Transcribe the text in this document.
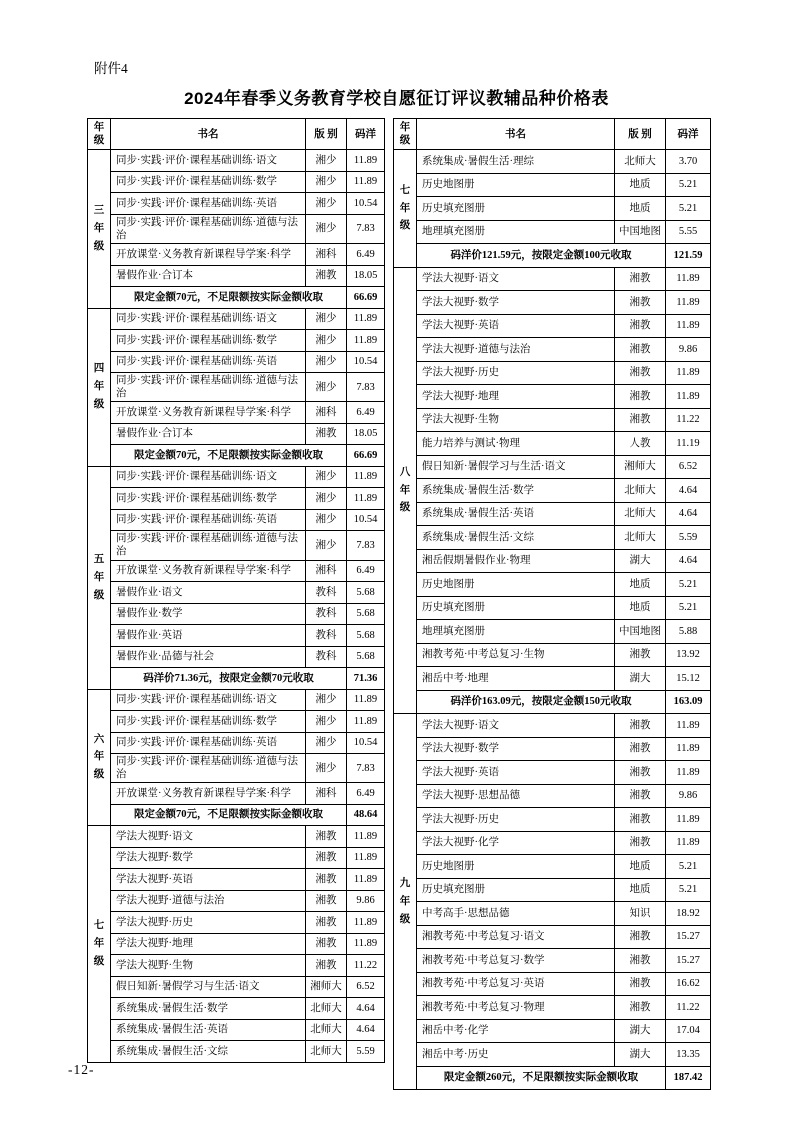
附件4
2024年春季义务教育学校自愿征订评议教辅品种价格表
年级	书名	版 别	码洋
三年级	同步·实践·评价·课程基础训练·语文	湘少	11.89
	同步·实践·评价·课程基础训练·数学	湘少	11.89
	同步·实践·评价·课程基础训练·英语	湘少	10.54
	同步·实践·评价·课程基础训练·道德与法治	湘少	7.83
	开放课堂·义务教育新课程导学案·科学	湘科	6.49
	暑假作业·合订本	湘教	18.05
	限定金额70元，不足限额按实际金额收取		66.69
四年级	同步·实践·评价·课程基础训练·语文	湘少	11.89
	同步·实践·评价·课程基础训练·数学	湘少	11.89
	同步·实践·评价·课程基础训练·英语	湘少	10.54
	同步·实践·评价·课程基础训练·道德与法治	湘少	7.83
	开放课堂·义务教育新课程导学案·科学	湘科	6.49
	暑假作业·合订本	湘教	18.05
	限定金额70元，不足限额按实际金额收取		66.69
五年级	同步·实践·评价·课程基础训练·语文	湘少	11.89
	同步·实践·评价·课程基础训练·数学	湘少	11.89
	同步·实践·评价·课程基础训练·英语	湘少	10.54
	同步·实践·评价·课程基础训练·道德与法治	湘少	7.83
	开放课堂·义务教育新课程导学案·科学	湘科	6.49
	暑假作业·语文	教科	5.68
	暑假作业·数学	教科	5.68
	暑假作业·英语	教科	5.68
	暑假作业·品德与社会	教科	5.68
	码洋价71.36元，按限定金额70元收取		71.36
六年级	同步·实践·评价·课程基础训练·语文	湘少	11.89
	同步·实践·评价·课程基础训练·数学	湘少	11.89
	同步·实践·评价·课程基础训练·英语	湘少	10.54
	同步·实践·评价·课程基础训练·道德与法治	湘少	7.83
	开放课堂·义务教育新课程导学案·科学	湘科	6.49
	限定金额70元，不足限额按实际金额收取		48.64
七年级	学法大视野·语文	湘教	11.89
	学法大视野·数学	湘教	11.89
	学法大视野·英语	湘教	11.89
	学法大视野·道德与法治	湘教	9.86
	学法大视野·历史	湘教	11.89
	学法大视野·地理	湘教	11.89
	学法大视野·生物	湘教	11.22
	假日知新·暑假学习与生活·语文	湘师大	6.52
	系统集成·暑假生活·数学	北师大	4.64
	系统集成·暑假生活·英语	北师大	4.64
	系统集成·暑假生活·文综	北师大	5.59
年级	书名	版 别	码洋
七年级	系统集成·暑假生活·理综	北师大	3.70
	历史地图册	地质	5.21
	历史填充图册	地质	5.21
	地理填充图册	中国地图	5.55
	码洋价121.59元，按限定金额100元收取		121.59
八年级	学法大视野·语文	湘教	11.89
	学法大视野·数学	湘教	11.89
	学法大视野·英语	湘教	11.89
	学法大视野·道德与法治	湘教	9.86
	学法大视野·历史	湘教	11.89
	学法大视野·地理	湘教	11.89
	学法大视野·生物	湘教	11.22
	能力培养与测试·物理	人教	11.19
	假日知新·暑假学习与生活·语文	湘师大	6.52
	系统集成·暑假生活·数学	北师大	4.64
	系统集成·暑假生活·英语	北师大	4.64
	系统集成·暑假生活·文综	北师大	5.59
	湘岳假期暑假作业·物理	湖大	4.64
	历史地图册	地质	5.21
	历史填充图册	地质	5.21
	地理填充图册	中国地图	5.88
	湘教考苑·中考总复习·生物	湘教	13.92
	湘岳中考·地理	湖大	15.12
	码洋价163.09元，按限定金额150元收取		163.09
九年级	学法大视野·语文	湘教	11.89
	学法大视野·数学	湘教	11.89
	学法大视野·英语	湘教	11.89
	学法大视野·思想品德	湘教	9.86
	学法大视野·历史	湘教	11.89
	学法大视野·化学	湘教	11.89
	历史地图册	地质	5.21
	历史填充图册	地质	5.21
	中考高手·思想品德	知识	18.92
	湘教考苑·中考总复习·语文	湘教	15.27
	湘教考苑·中考总复习·数学	湘教	15.27
	湘教考苑·中考总复习·英语	湘教	16.62
	湘教考苑·中考总复习·物理	湘教	11.22
	湘岳中考·化学	湖大	17.04
	湘岳中考·历史	湖大	13.35
	限定金额260元，不足限额按实际金额收取		187.42
-12-
